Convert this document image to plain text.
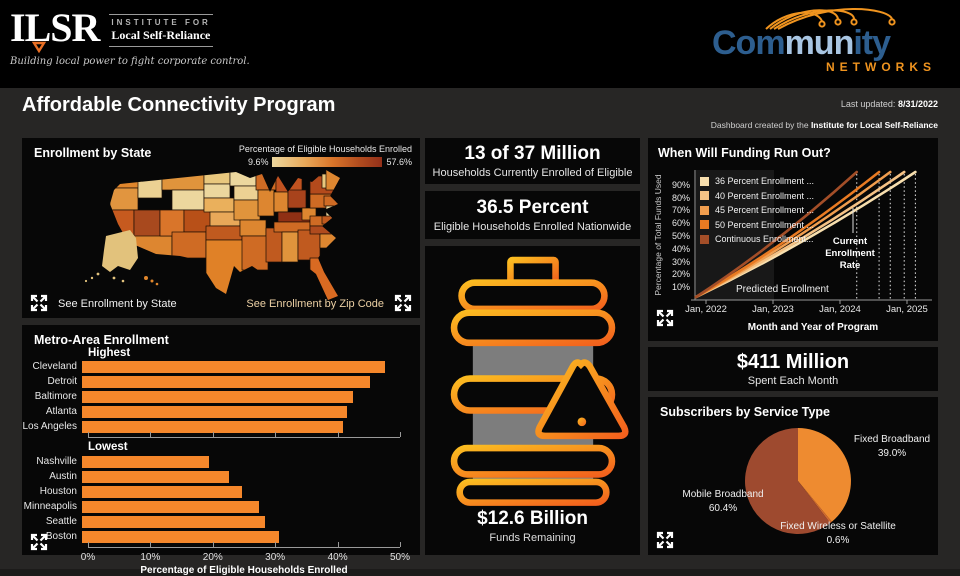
ILSR INSTITUTE FOR
Local Self-Reliance
Building local power to fight corporate control.	Community
NETWORKS
Affordable Connectivity Program	Last updated: 8/31/2022
Dashboard created by the Institute for Local Self-Reliance
Enrollment by State	Percentage of Eligible Households Enrolled
9.6%	57.6%
See Enrollment by State	See Enrollment by Zip Code
Metro-Area Enrollment
Highest
Cleveland
Detroit
Baltimore
Atlanta
Los Angeles
Lowest
Nashville
Austin
Houston
Minneapolis
Seattle
Boston
0%	10%	20%	30%	40%	50%
Percentage of Eligible Households Enrolled
13 of 37 Million
Households Currently Enrolled of Eligible
36.5 Percent
Eligible Households Enrolled Nationwide
$12.6 Billion
Funds Remaining
When Will Funding Run Out?
Percentage of Total Funds Used 10%
20%
30%
40%
50%
60%
70%
80%
90%
Jan, 2022	Jan, 2023	Jan, 2024	Jan, 2025
36 Percent Enrollment ...
40 Percent Enrollment ...
45 Percent Enrollment ...
50 Percent Enrollment ...
Continuous Enrollment...	Current Enrollment Rate
Predicted Enrollment
Month and Year of Program
$411 Million
Spent Each Month
Subscribers by Service Type
Fixed Broadband
39.0%
Fixed Wireless or Satellite
0.6%
Mobile Broadband
60.4%
